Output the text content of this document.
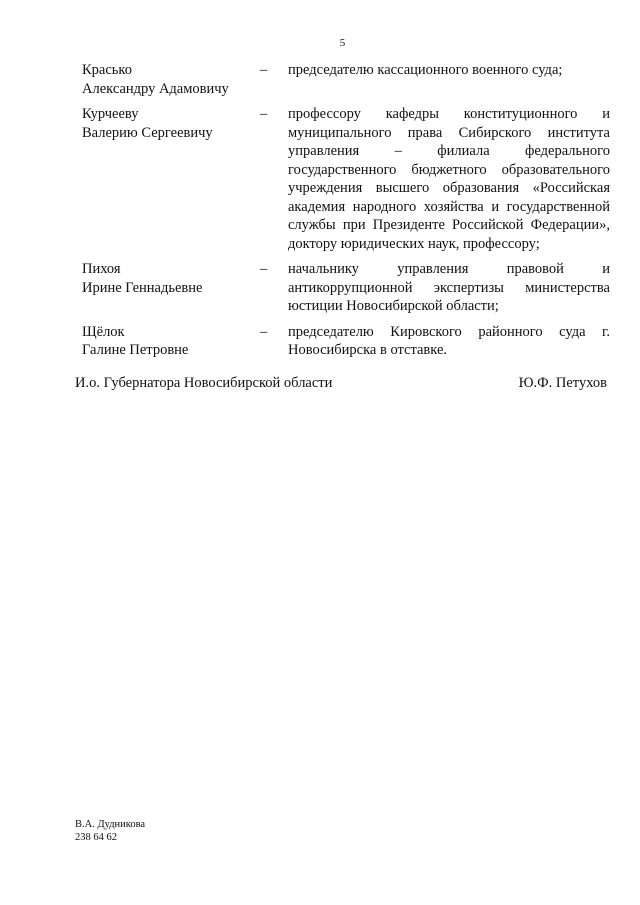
5
Красько
Александру Адамовичу
–	председателю кассационного военного суда;
Курчееву
Валерию Сергеевичу
–	профессору кафедры конституционного и муниципального права Сибирского института управления – филиала федерального государственного бюджетного образовательного учреждения высшего образования «Российская академия народного хозяйства и государственной службы при Президенте Российской Федерации», доктору юридических наук, профессору;
Пихоя
Ирине Геннадьевне
–	начальнику управления правовой и антикоррупционной экспертизы министерства юстиции Новосибирской области;
Щёлок
Галине Петровне
–	председателю Кировского районного суда г. Новосибирска в отставке.
И.о. Губернатора Новосибирской области	Ю.Ф. Петухов
В.А. Дудникова
238 64 62
